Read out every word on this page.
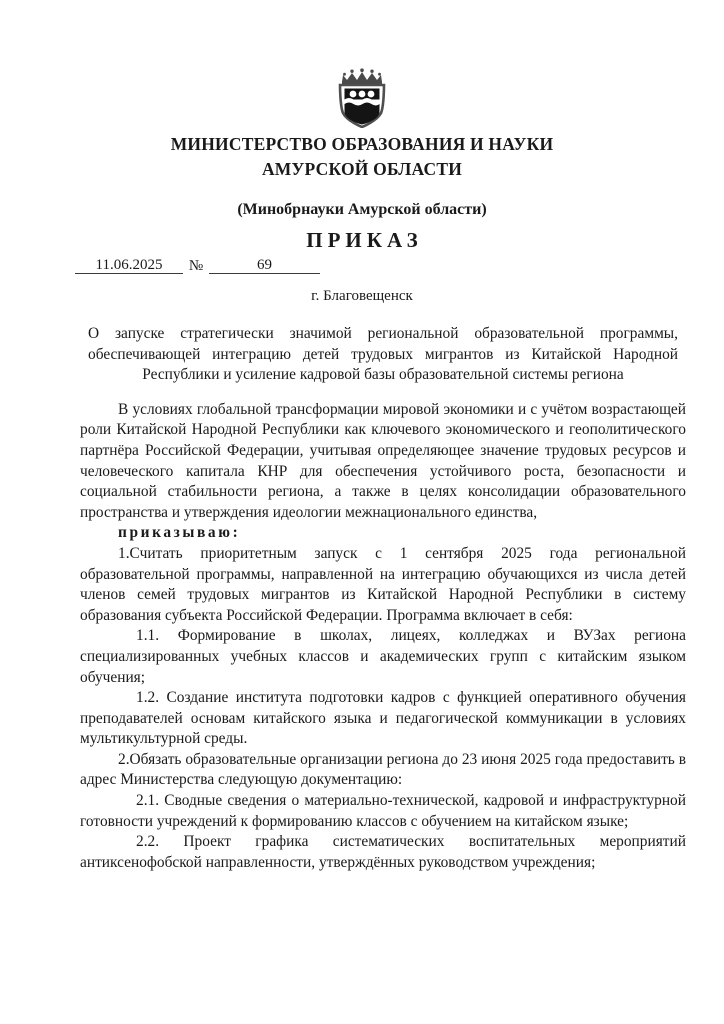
МИНИСТЕРСТВО ОБРАЗОВАНИЯ И НАУКИ
АМУРСКОЙ ОБЛАСТИ
(Минобрнауки Амурской области)
ПРИКАЗ
11.06.2025	№	69
г. Благовещенск
О запуске стратегически значимой региональной образовательной программы, обеспечивающей интеграцию детей трудовых мигрантов из Китайской Народной Республики и усиление кадровой базы образовательной системы региона

В условиях глобальной трансформации мировой экономики и с учётом возрастающей роли Китайской Народной Республики как ключевого экономического и геополитического партнёра Российской Федерации, учитывая определяющее значение трудовых ресурсов и человеческого капитала КНР для обеспечения устойчивого роста, безопасности и социальной стабильности региона, а также в целях консолидации образовательного пространства и утверждения идеологии межнационального единства,

приказываю:

1.Считать приоритетным запуск с 1 сентября 2025 года региональной образовательной программы, направленной на интеграцию обучающихся из числа детей членов семей трудовых мигрантов из Китайской Народной Республики в систему образования субъекта Российской Федерации. Программа включает в себя:

1.1. Формирование в школах, лицеях, колледжах и ВУЗах региона специализированных учебных классов и академических групп с китайским языком обучения;

1.2. Создание института подготовки кадров с функцией оперативного обучения преподавателей основам китайского языка и педагогической коммуникации в условиях мультикультурной среды.

2.Обязать образовательные организации региона до 23 июня 2025 года предоставить в адрес Министерства следующую документацию:

2.1. Сводные сведения о материально-технической, кадровой и инфраструктурной готовности учреждений к формированию классов с обучением на китайском языке;

2.2. Проект графика систематических воспитательных мероприятий антиксенофобской направленности, утверждённых руководством учреждения;
